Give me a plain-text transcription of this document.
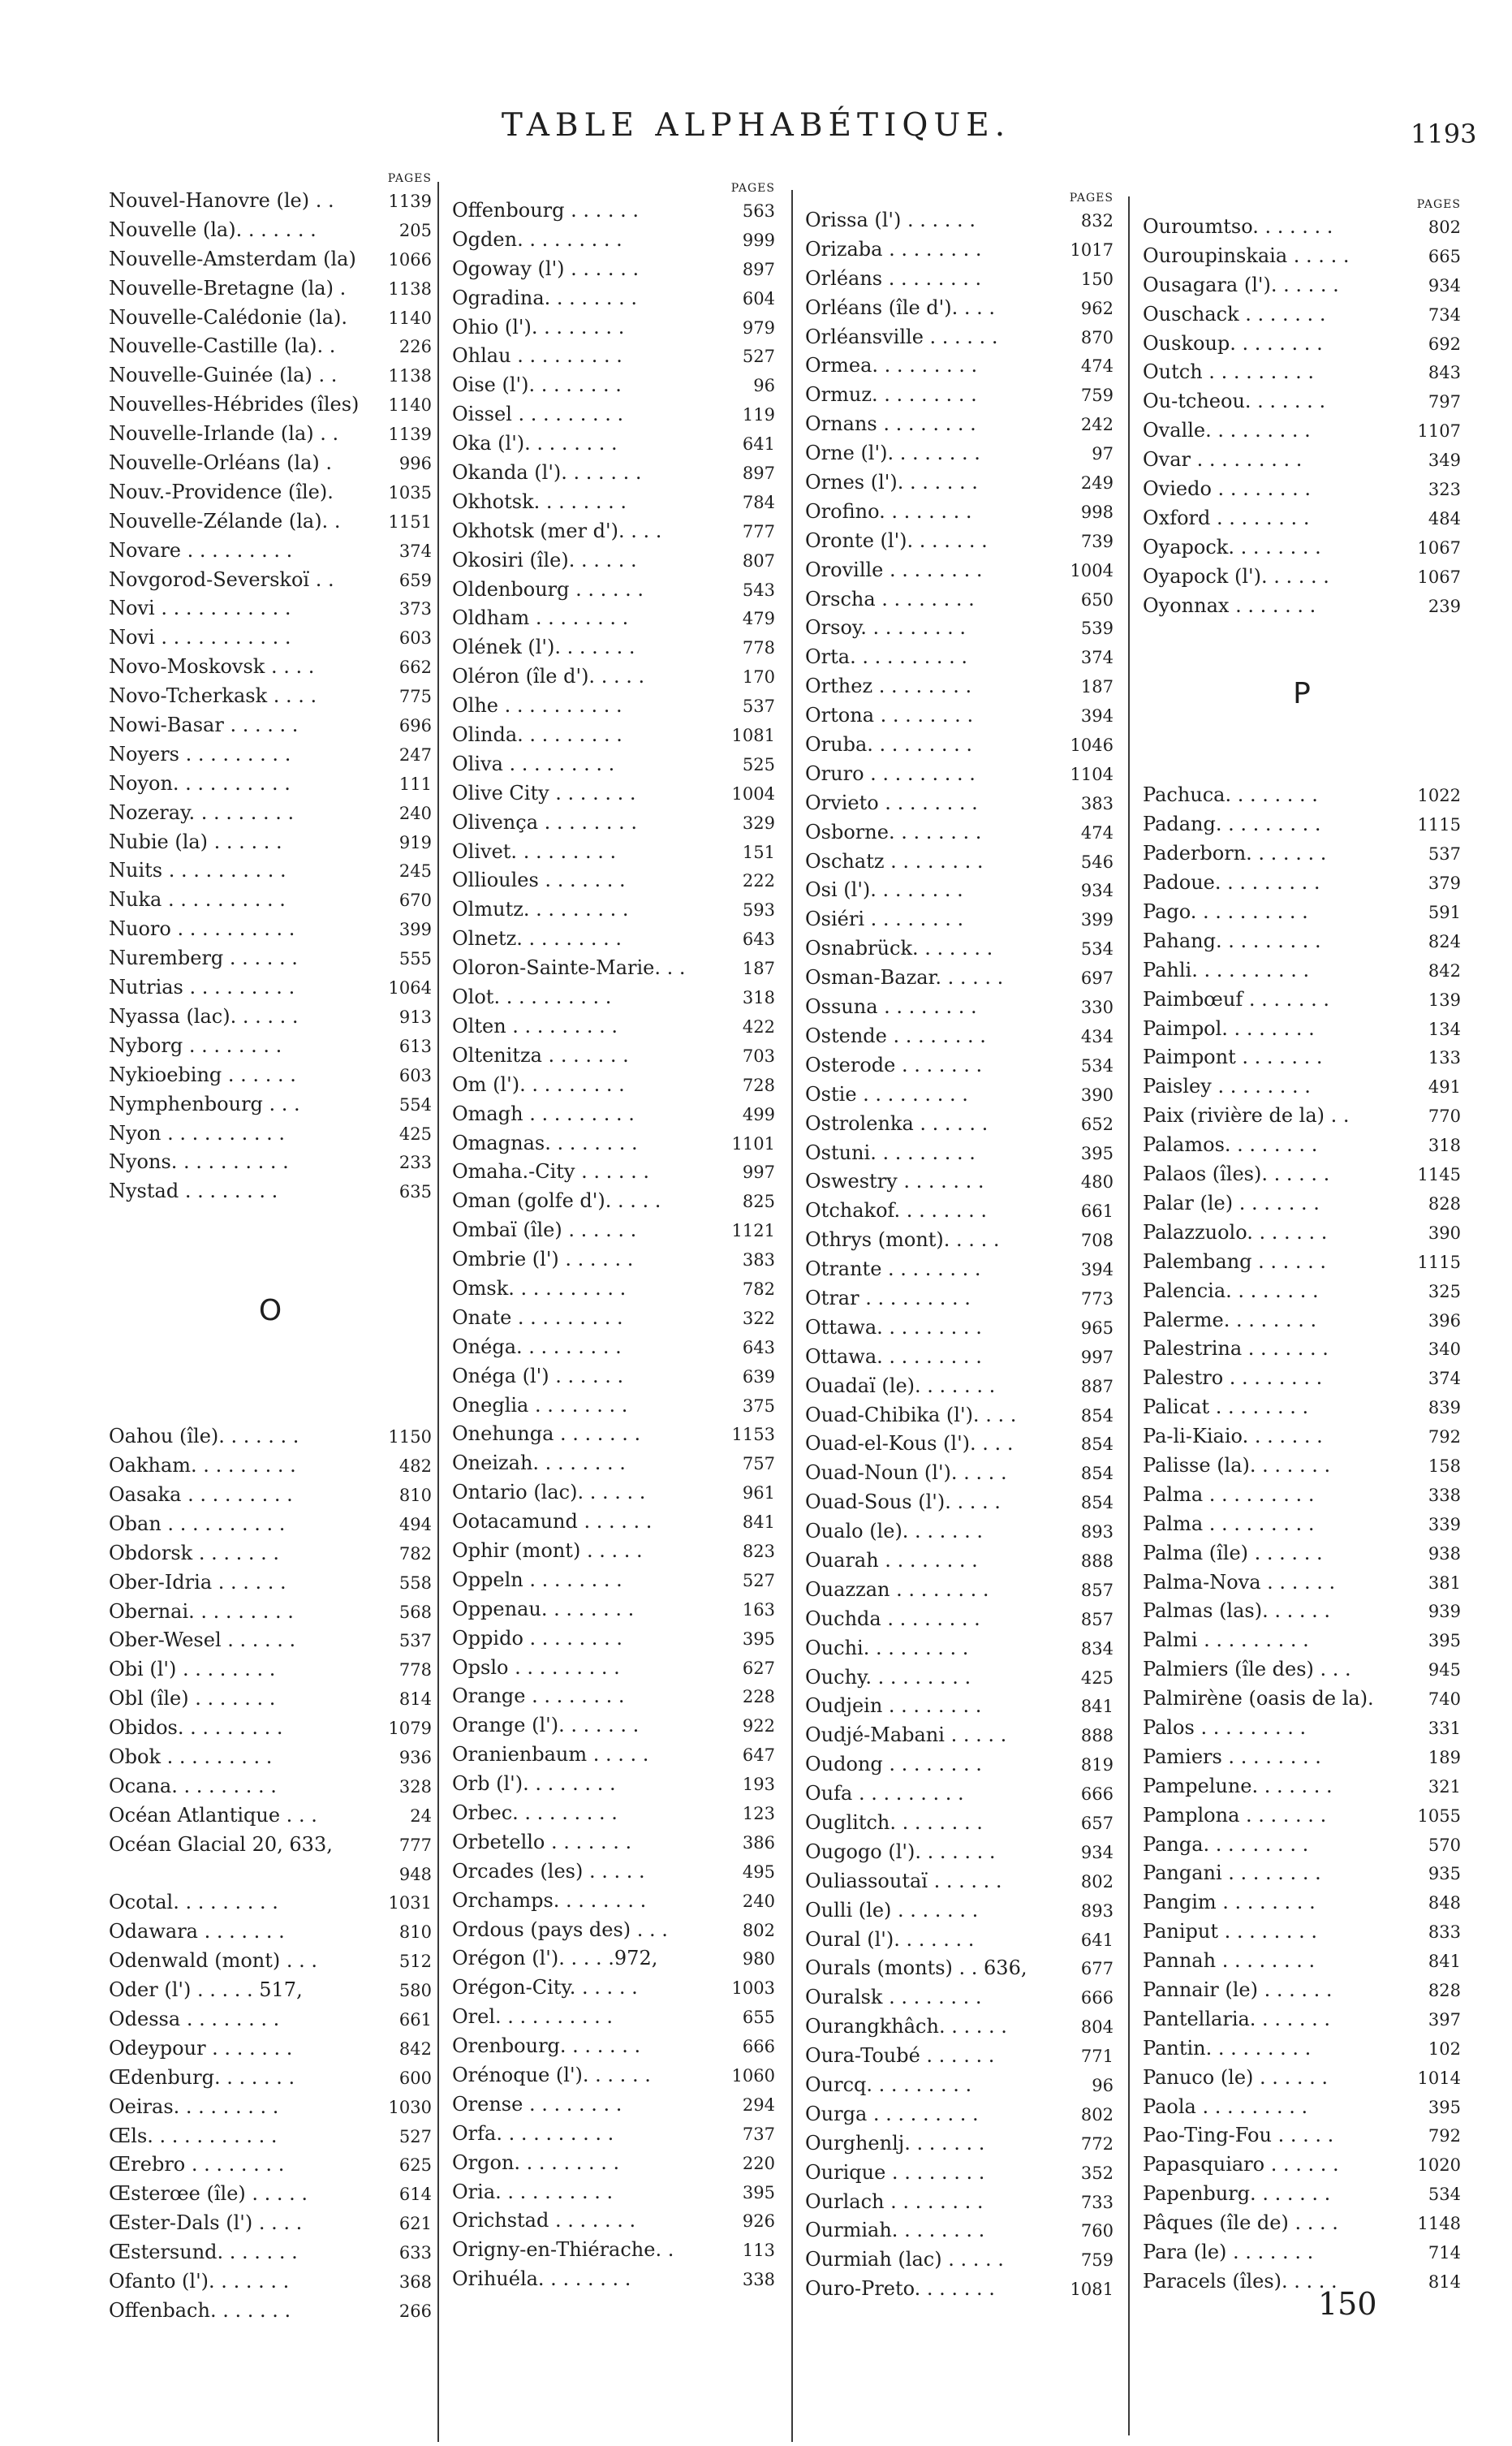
TABLE ALPHABÉTIQUE.	1193
PAGES
Nouvel-Hanovre (le) . .	1139
Nouvelle (la). . . . . . .	205
Nouvelle-Amsterdam (la)	1066
Nouvelle-Bretagne (la) .	1138
Nouvelle-Calédonie (la).	1140
Nouvelle-Castille (la). .	226
Nouvelle-Guinée (la) . .	1138
Nouvelles-Hébrides (îles)	1140
Nouvelle-Irlande (la) . .	1139
Nouvelle-Orléans (la) .	996
Nouv.-Providence (île).	1035
Nouvelle-Zélande (la). .	1151
Novare . . . . . . . . .	374
Novgorod-Severskoï . .	659
Novi . . . . . . . . . . .	373
Novi . . . . . . . . . . .	603
Novo-Moskovsk . . . .	662
Novo-Tcherkask . . . .	775
Nowi-Basar . . . . . .	696
Noyers . . . . . . . . .	247
Noyon. . . . . . . . . .	111
Nozeray. . . . . . . . .	240
Nubie (la) . . . . . .	919
Nuits . . . . . . . . . .	245
Nuka . . . . . . . . . .	670
Nuoro . . . . . . . . . .	399
Nuremberg . . . . . .	555
Nutrias . . . . . . . . .	1064
Nyassa (lac). . . . . .	913
Nyborg . . . . . . . .	613
Nykioebing . . . . . .	603
Nymphenbourg . . .	554
Nyon . . . . . . . . . .	425
Nyons. . . . . . . . . .	233
Nystad . . . . . . . .	635
O
Oahou (île). . . . . . .	1150
Oakham. . . . . . . . .	482
Oasaka . . . . . . . . .	810
Oban . . . . . . . . . .	494
Obdorsk . . . . . . .	782
Ober-Idria . . . . . .	558
Obernai. . . . . . . . .	568
Ober-Wesel . . . . . .	537
Obi (l') . . . . . . . .	778
Obl (île) . . . . . . .	814
Obidos. . . . . . . . .	1079
Obok . . . . . . . . .	936
Ocana. . . . . . . . .	328
Océan Atlantique . . .	24
Océan Glacial 20, 633,	777
948
Ocotal. . . . . . . . .	1031
Odawara . . . . . . .	810
Odenwald (mont) . . .	512
Oder (l') . . . . . 517,	580
Odessa . . . . . . . .	661
Odeypour . . . . . . .	842
Œdenburg. . . . . . .	600
Oeiras. . . . . . . . .	1030
Œls. . . . . . . . . . .	527
Œrebro . . . . . . . .	625
Œsterœe (île) . . . . .	614
Œster-Dals (l') . . . .	621
Œstersund. . . . . . .	633
Ofanto (l'). . . . . . .	368
Offenbach. . . . . . .	266
PAGES
Offenbourg . . . . . .	563
Ogden. . . . . . . . .	999
Ogoway (l') . . . . . .	897
Ogradina. . . . . . . .	604
Ohio (l'). . . . . . . .	979
Ohlau . . . . . . . . .	527
Oise (l'). . . . . . . .	96
Oissel . . . . . . . . .	119
Oka (l'). . . . . . . .	641
Okanda (l'). . . . . . .	897
Okhotsk. . . . . . . .	784
Okhotsk (mer d'). . . .	777
Okosiri (île). . . . . .	807
Oldenbourg . . . . . .	543
Oldham . . . . . . . .	479
Olének (l'). . . . . . .	778
Oléron (île d'). . . . .	170
Olhe . . . . . . . . . .	537
Olinda. . . . . . . . .	1081
Oliva . . . . . . . . .	525
Olive City . . . . . . .	1004
Olivença . . . . . . . .	329
Olivet. . . . . . . . .	151
Ollioules . . . . . . .	222
Olmutz. . . . . . . . .	593
Olnetz. . . . . . . . .	643
Oloron-Sainte-Marie. . .	187
Olot. . . . . . . . . .	318
Olten . . . . . . . . .	422
Oltenitza . . . . . . .	703
Om (l'). . . . . . . . .	728
Omagh . . . . . . . . .	499
Omagnas. . . . . . . .	1101
Omaha.-City . . . . . .	997
Oman (golfe d'). . . . .	825
Ombaï (île) . . . . . .	1121
Ombrie (l') . . . . . .	383
Omsk. . . . . . . . . .	782
Onate . . . . . . . . .	322
Onéga. . . . . . . . .	643
Onéga (l') . . . . . .	639
Oneglia . . . . . . . .	375
Onehunga . . . . . . .	1153
Oneizah. . . . . . . .	757
Ontario (lac). . . . . .	961
Ootacamund . . . . . .	841
Ophir (mont) . . . . .	823
Oppeln . . . . . . . .	527
Oppenau. . . . . . . .	163
Oppido . . . . . . . .	395
Opslo . . . . . . . . .	627
Orange . . . . . . . .	228
Orange (l'). . . . . . .	922
Oranienbaum . . . . .	647
Orb (l'). . . . . . . .	193
Orbec. . . . . . . . .	123
Orbetello . . . . . . .	386
Orcades (les) . . . . .	495
Orchamps. . . . . . . .	240
Ordous (pays des) . . .	802
Orégon (l'). . . . .972,	980
Orégon-City. . . . . .	1003
Orel. . . . . . . . . .	655
Orenbourg. . . . . . .	666
Orénoque (l'). . . . . .	1060
Orense . . . . . . . .	294
Orfa. . . . . . . . . .	737
Orgon. . . . . . . . .	220
Oria. . . . . . . . . .	395
Orichstad . . . . . . .	926
Origny-en-Thiérache. .	113
Orihuéla. . . . . . . .	338
PAGES
Orissa (l') . . . . . .	832
Orizaba . . . . . . . .	1017
Orléans . . . . . . . .	150
Orléans (île d'). . . .	962
Orléansville . . . . . .	870
Ormea. . . . . . . . .	474
Ormuz. . . . . . . . .	759
Ornans . . . . . . . .	242
Orne (l'). . . . . . . .	97
Ornes (l'). . . . . . .	249
Orofino. . . . . . . .	998
Oronte (l'). . . . . . .	739
Oroville . . . . . . . .	1004
Orscha . . . . . . . .	650
Orsoy. . . . . . . . .	539
Orta. . . . . . . . . .	374
Orthez . . . . . . . .	187
Ortona . . . . . . . .	394
Oruba. . . . . . . . .	1046
Oruro . . . . . . . . .	1104
Orvieto . . . . . . . .	383
Osborne. . . . . . . .	474
Oschatz . . . . . . . .	546
Osi (l'). . . . . . . .	934
Osiéri . . . . . . . .	399
Osnabrück. . . . . . .	534
Osman-Bazar. . . . . .	697
Ossuna . . . . . . . .	330
Ostende . . . . . . . .	434
Osterode . . . . . . .	534
Ostie . . . . . . . . .	390
Ostrolenka . . . . . .	652
Ostuni. . . . . . . . .	395
Oswestry . . . . . . .	480
Otchakof. . . . . . . .	661
Othrys (mont). . . . .	708
Otrante . . . . . . . .	394
Otrar . . . . . . . . .	773
Ottawa. . . . . . . . .	965
Ottawa. . . . . . . . .	997
Ouadaï (le). . . . . . .	887
Ouad-Chibika (l'). . . .	854
Ouad-el-Kous (l'). . . .	854
Ouad-Noun (l'). . . . .	854
Ouad-Sous (l'). . . . .	854
Oualo (le). . . . . . .	893
Ouarah . . . . . . . .	888
Ouazzan . . . . . . . .	857
Ouchda . . . . . . . .	857
Ouchi. . . . . . . . .	834
Ouchy. . . . . . . . .	425
Oudjein . . . . . . . .	841
Oudjé-Mabani . . . . .	888
Oudong . . . . . . . .	819
Oufa . . . . . . . . .	666
Ouglitch. . . . . . . .	657
Ougogo (l'). . . . . . .	934
Ouliassoutaï . . . . . .	802
Oulli (le) . . . . . . .	893
Oural (l'). . . . . . .	641
Ourals (monts) . . 636,	677
Ouralsk . . . . . . . .	666
Ourangkhâch. . . . . .	804
Oura-Toubé . . . . . .	771
Ourcq. . . . . . . . .	96
Ourga . . . . . . . . .	802
Ourghenlj. . . . . . .	772
Ourique . . . . . . . .	352
Ourlach . . . . . . . .	733
Ourmiah. . . . . . . .	760
Ourmiah (lac) . . . . .	759
Ouro-Preto. . . . . . .	1081
PAGES
Ouroumtso. . . . . . .	802
Ouroupinskaia . . . . .	665
Ousagara (l'). . . . . .	934
Ouschack . . . . . . .	734
Ouskoup. . . . . . . .	692
Outch . . . . . . . . .	843
Ou-tcheou. . . . . . .	797
Ovalle. . . . . . . . .	1107
Ovar . . . . . . . . .	349
Oviedo . . . . . . . .	323
Oxford . . . . . . . .	484
Oyapock. . . . . . . .	1067
Oyapock (l'). . . . . .	1067
Oyonnax . . . . . . .	239
P
Pachuca. . . . . . . .	1022
Padang. . . . . . . . .	1115
Paderborn. . . . . . .	537
Padoue. . . . . . . . .	379
Pago. . . . . . . . . .	591
Pahang. . . . . . . . .	824
Pahli. . . . . . . . . .	842
Paimbœuf . . . . . . .	139
Paimpol. . . . . . . .	134
Paimpont . . . . . . .	133
Paisley . . . . . . . .	491
Paix (rivière de la) . .	770
Palamos. . . . . . . .	318
Palaos (îles). . . . . .	1145
Palar (le) . . . . . . .	828
Palazzuolo. . . . . . .	390
Palembang . . . . . .	1115
Palencia. . . . . . . .	325
Palerme. . . . . . . .	396
Palestrina . . . . . . .	340
Palestro . . . . . . . .	374
Palicat . . . . . . . .	839
Pa-li-Kiaio. . . . . . .	792
Palisse (la). . . . . . .	158
Palma . . . . . . . . .	338
Palma . . . . . . . . .	339
Palma (île) . . . . . .	938
Palma-Nova . . . . . .	381
Palmas (las). . . . . .	939
Palmi . . . . . . . . .	395
Palmiers (île des) . . .	945
Palmirène (oasis de la).	740
Palos . . . . . . . . .	331
Pamiers . . . . . . . .	189
Pampelune. . . . . . .	321
Pamplona . . . . . . .	1055
Panga. . . . . . . . .	570
Pangani . . . . . . . .	935
Pangim . . . . . . . .	848
Paniput . . . . . . . .	833
Pannah . . . . . . . .	841
Pannair (le) . . . . . .	828
Pantellaria. . . . . . .	397
Pantin. . . . . . . . .	102
Panuco (le) . . . . . .	1014
Paola . . . . . . . . .	395
Pao-Ting-Fou . . . . .	792
Papasquiaro . . . . . .	1020
Papenburg. . . . . . .	534
Pâques (île de) . . . .	1148
Para (le) . . . . . . .	714
Paracels (îles). . . . .	814
150
